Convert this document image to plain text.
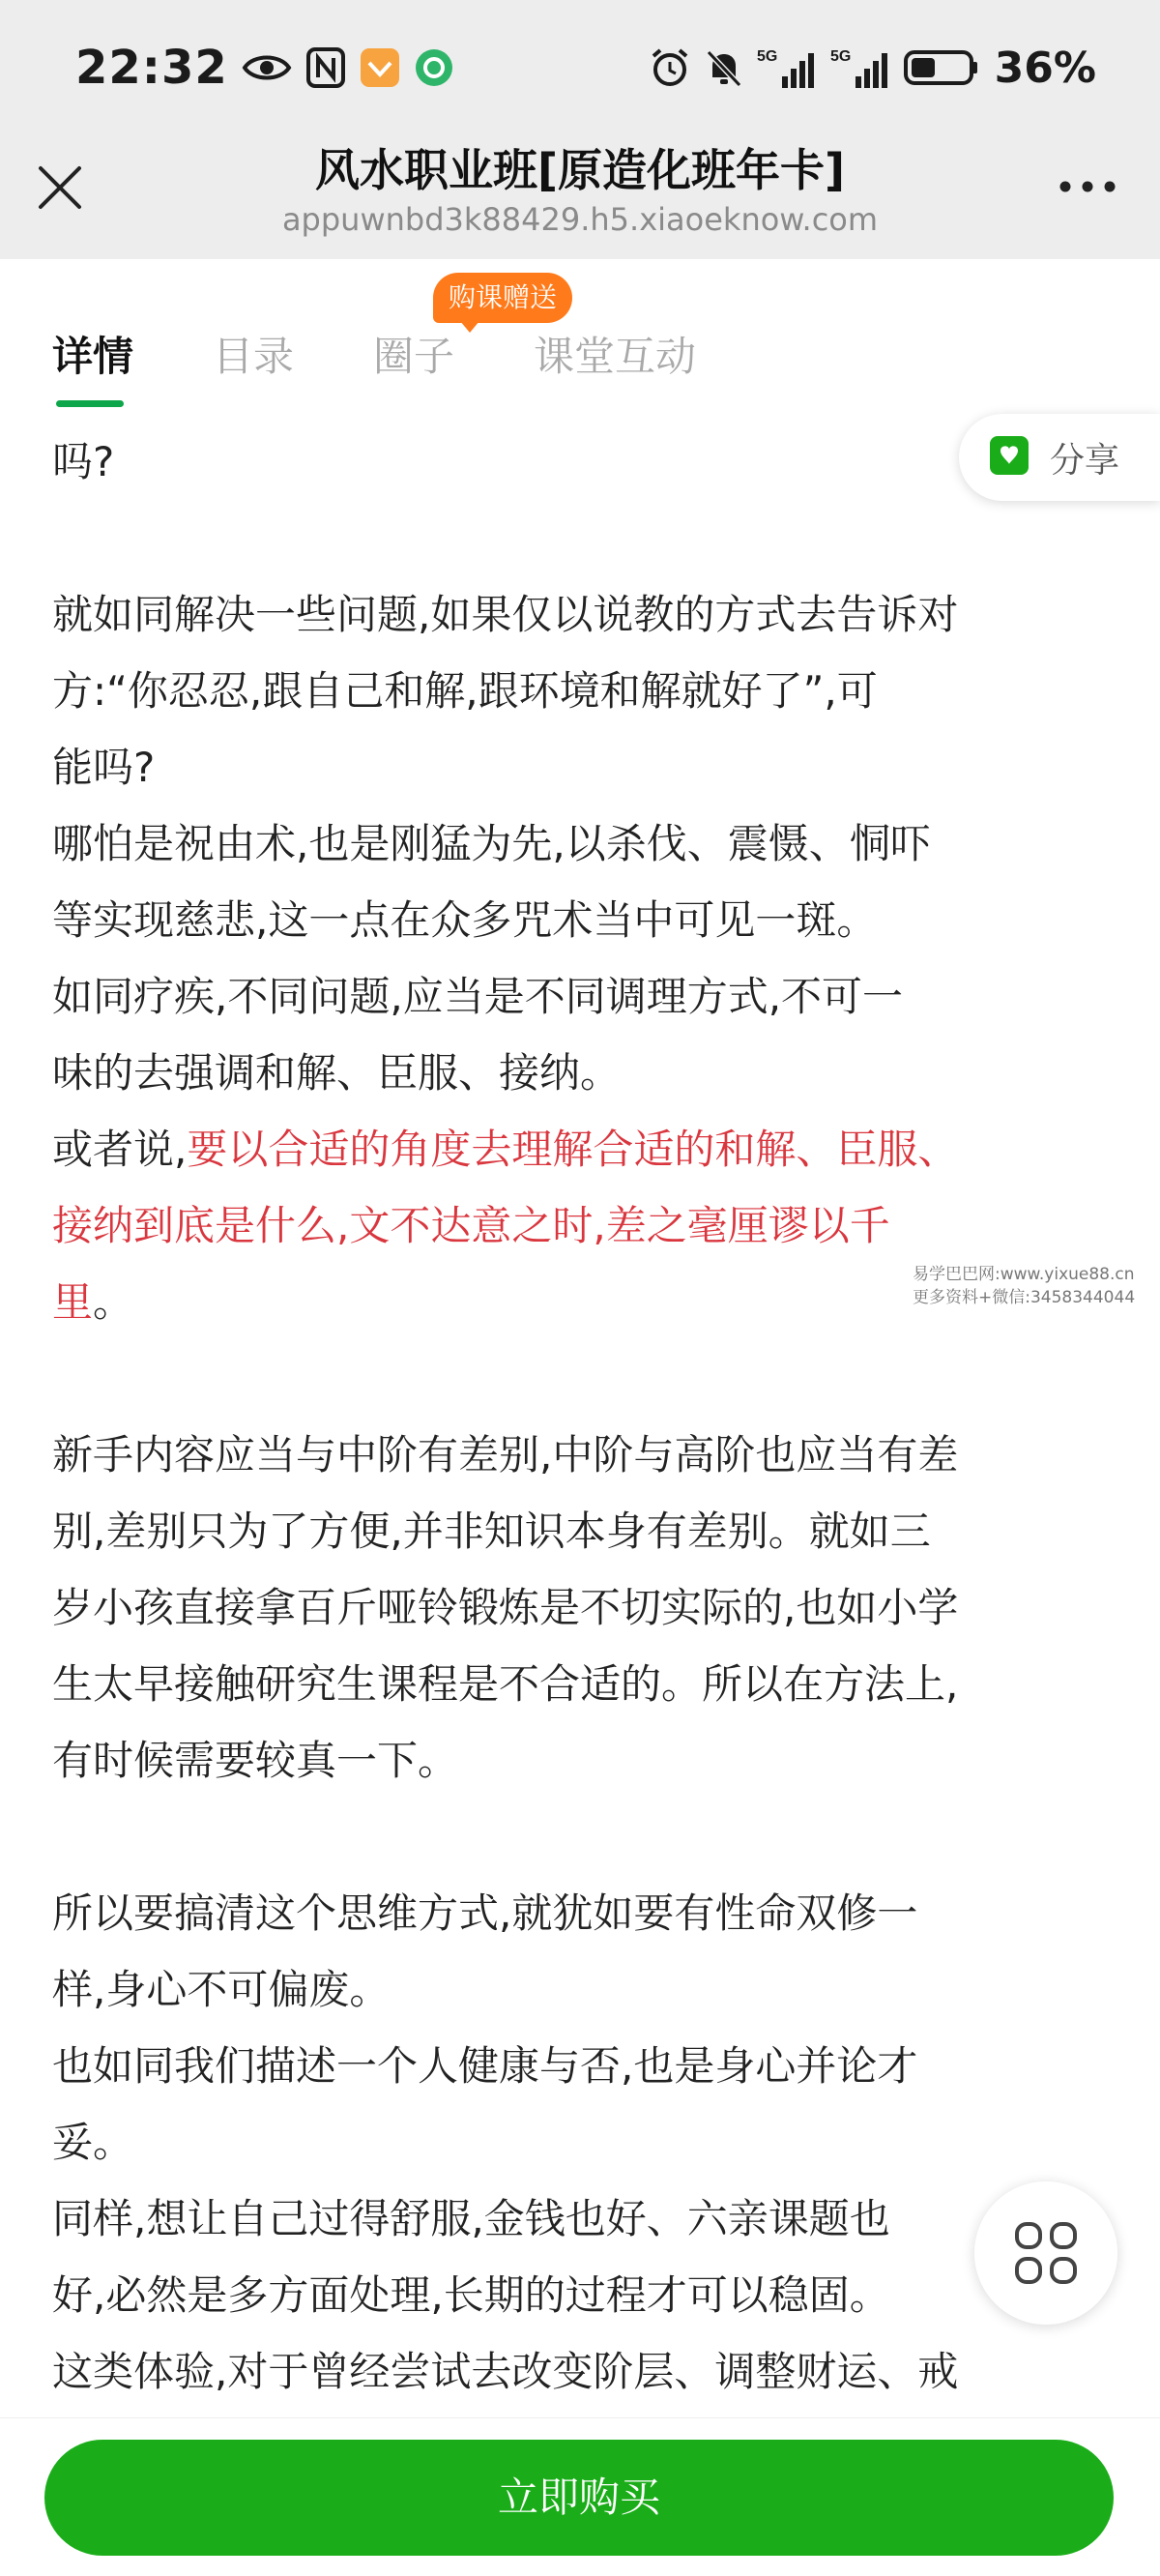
22:32	5G	5G	36%
风水职业班[原造化班年卡]
appuwnbd3k88429.h5.xiaoeknow.com
详情 目录 圈子 课堂互动
购课赠送

吗?

就如同解决一些问题,如果仅以说教的方式去告诉对

方:“你忍忍,跟自己和解,跟环境和解就好了”,可

能吗?

哪怕是祝由术,也是刚猛为先,以杀伐、震慑、恫吓

等实现慈悲,这一点在众多咒术当中可见一斑。

如同疗疾,不同问题,应当是不同调理方式,不可一

味的去强调和解、臣服、接纳。

或者说,要以合适的角度去理解合适的和解、臣服、

接纳到底是什么,文不达意之时,差之毫厘谬以千

里。

新手内容应当与中阶有差别,中阶与高阶也应当有差

别,差别只为了方便,并非知识本身有差别。就如三

岁小孩直接拿百斤哑铃锻炼是不切实际的,也如小学

生太早接触研究生课程是不合适的。所以在方法上,

有时候需要较真一下。

所以要搞清这个思维方式,就犹如要有性命双修一

样,身心不可偏废。

也如同我们描述一个人健康与否,也是身心并论才

妥。

同样,想让自己过得舒服,金钱也好、六亲课题也

好,必然是多方面处理,长期的过程才可以稳固。

这类体验,对于曾经尝试去改变阶层、调整财运、戒

分享
易学巴巴网:www.yixue88.cn
更多资料+微信:3458344044
立即购买
